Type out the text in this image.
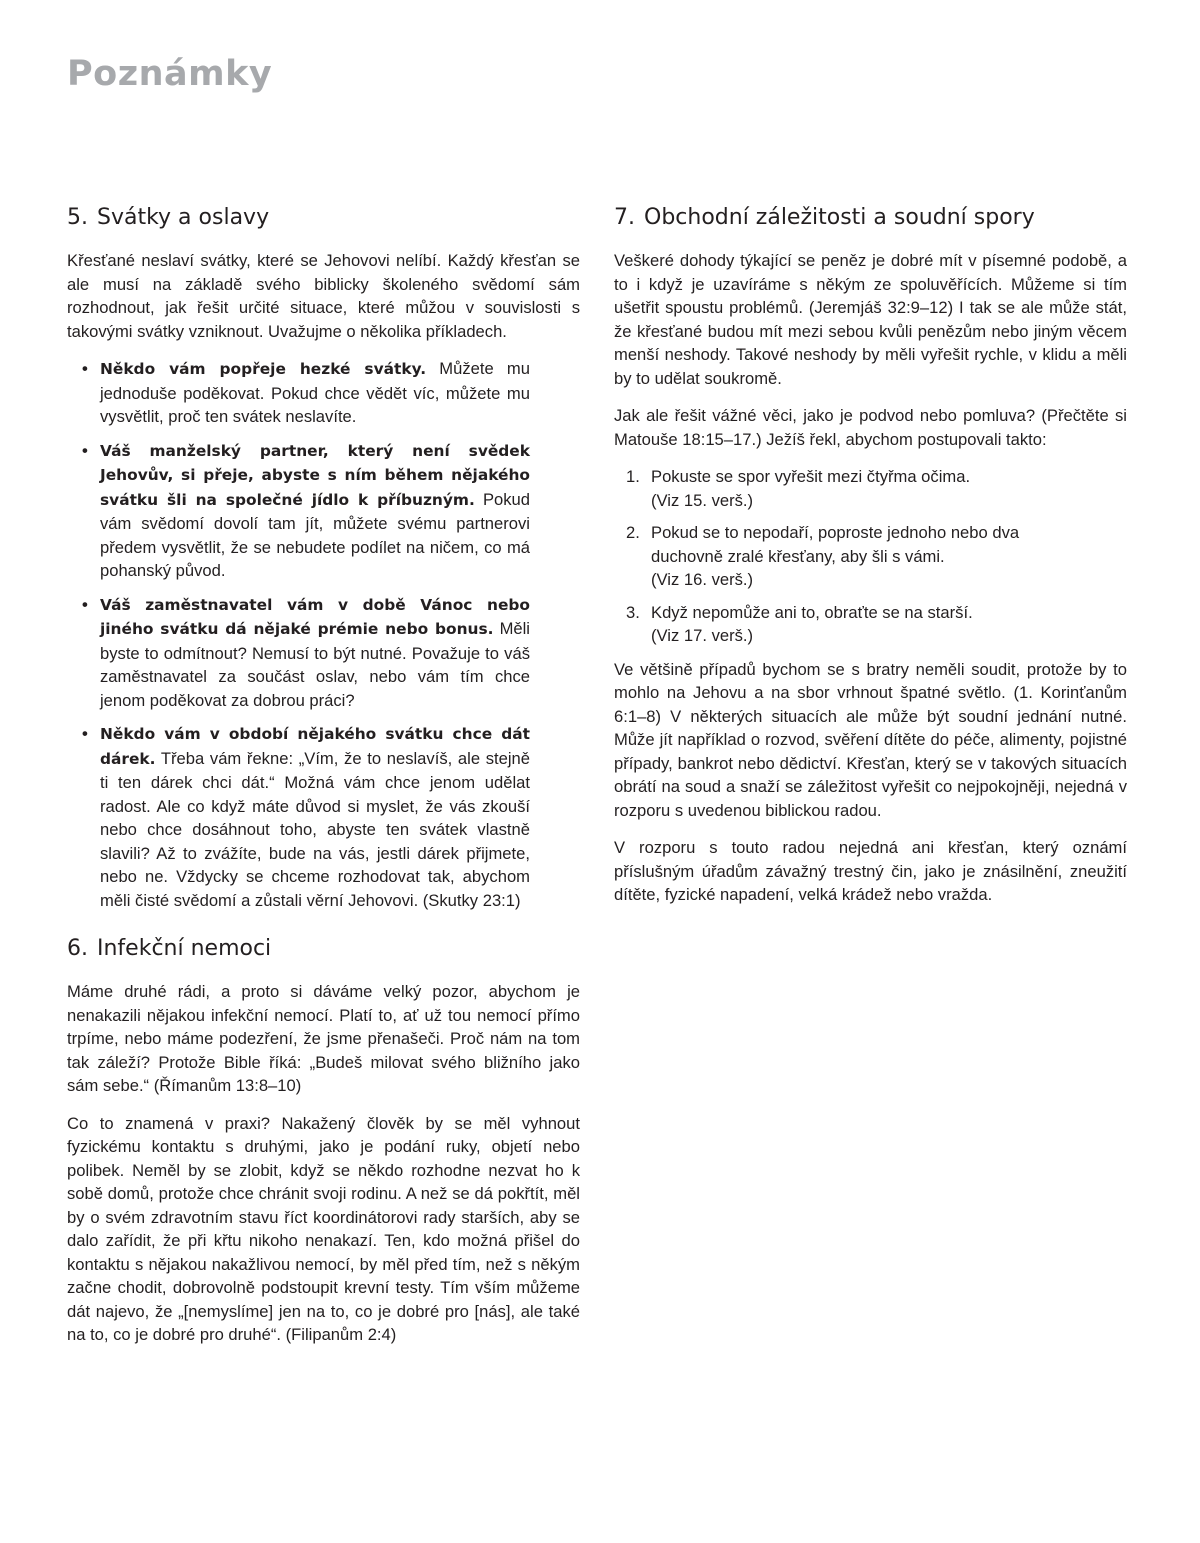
Poznámky
5. Svátky a oslavy

Křesťané neslaví svátky, které se Jehovovi nelíbí. Každý křesťan se ale musí na základě svého biblicky školeného svědomí sám rozhodnout, jak řešit určité situace, které můžou v souvislosti s takovými svátky vzniknout. Uvažujme o několika příkladech.

• Někdo vám popřeje hezké svátky. Můžete mu jednoduše poděkovat. Pokud chce vědět víc, můžete mu vysvětlit, proč ten svátek neslavíte.
• Váš manželský partner, který není svědek Jehovův, si přeje, abyste s ním během nějakého svátku šli na společné jídlo k příbuzným. Pokud vám svědomí dovolí tam jít, můžete svému partnerovi předem vysvětlit, že se nebudete podílet na ničem, co má pohanský původ.
• Váš zaměstnavatel vám v době Vánoc nebo jiného svátku dá nějaké prémie nebo bonus. Měli byste to odmítnout? Nemusí to být nutné. Považuje to váš zaměstnavatel za součást oslav, nebo vám tím chce jenom poděkovat za dobrou práci?
• Někdo vám v období nějakého svátku chce dát dárek. Třeba vám řekne: „Vím, že to neslavíš, ale stejně ti ten dárek chci dát.“ Možná vám chce jenom udělat radost. Ale co když máte důvod si myslet, že vás zkouší nebo chce dosáhnout toho, abyste ten svátek vlastně slavili? Až to zvážíte, bude na vás, jestli dárek přijmete, nebo ne. Vždycky se chceme rozhodovat tak, abychom měli čisté svědomí a zůstali věrní Jehovovi. (Skutky 23:1)
6. Infekční nemoci

Máme druhé rádi, a proto si dáváme velký pozor, abychom je nenakazili nějakou infekční nemocí. Platí to, ať už tou nemocí přímo trpíme, nebo máme podezření, že jsme přenašeči. Proč nám na tom tak záleží? Protože Bible říká: „Budeš milovat svého bližního jako sám sebe.“ (Římanům 13:8–10)

Co to znamená v praxi? Nakažený člověk by se měl vyhnout fyzickému kontaktu s druhými, jako je podání ruky, objetí nebo polibek. Neměl by se zlobit, když se někdo rozhodne nezvat ho k sobě domů, protože chce chránit svoji rodinu. A než se dá pokřtít, měl by o svém zdravotním stavu říct koordinátorovi rady starších, aby se dalo zařídit, že při křtu nikoho nenakazí. Ten, kdo možná přišel do kontaktu s nějakou nakažlivou nemocí, by měl před tím, než s někým začne chodit, dobrovolně podstoupit krevní testy. Tím vším můžeme dát najevo, že „[nemyslíme] jen na to, co je dobré pro [nás], ale také na to, co je dobré pro druhé“. (Filipanům 2:4)

7. Obchodní záležitosti a soudní spory

Veškeré dohody týkající se peněz je dobré mít v písemné podobě, a to i když je uzavíráme s někým ze spoluvěřících. Můžeme si tím ušetřit spoustu problémů. (Jeremjáš 32:9–12) I tak se ale může stát, že křesťané budou mít mezi sebou kvůli penězům nebo jiným věcem menší neshody. Takové neshody by měli vyřešit rychle, v klidu a měli by to udělat soukromě.

Jak ale řešit vážné věci, jako je podvod nebo pomluva? (Přečtěte si Matouše 18:15–17.) Ježíš řekl, abychom postupovali takto:

1. Pokuste se spor vyřešit mezi čtyřma očima.
(Viz 15. verš.)
2. Pokud se to nepodaří, poproste jednoho nebo dva duchovně zralé křesťany, aby šli s vámi.
(Viz 16. verš.)
3. Když nepomůže ani to, obraťte se na starší.
(Viz 17. verš.)

Ve většině případů bychom se s bratry neměli soudit, protože by to mohlo na Jehovu a na sbor vrhnout špatné světlo. (1. Korinťanům 6:1–8) V některých situacích ale může být soudní jednání nutné. Může jít například o rozvod, svěření dítěte do péče, alimenty, pojistné případy, bankrot nebo dědictví. Křesťan, který se v takových situacích obrátí na soud a snaží se záležitost vyřešit co nejpokojněji, nejedná v rozporu s uvedenou biblickou radou.

V rozporu s touto radou nejedná ani křesťan, který oznámí příslušným úřadům závažný trestný čin, jako je znásilnění, zneužití dítěte, fyzické napadení, velká krádež nebo vražda.
